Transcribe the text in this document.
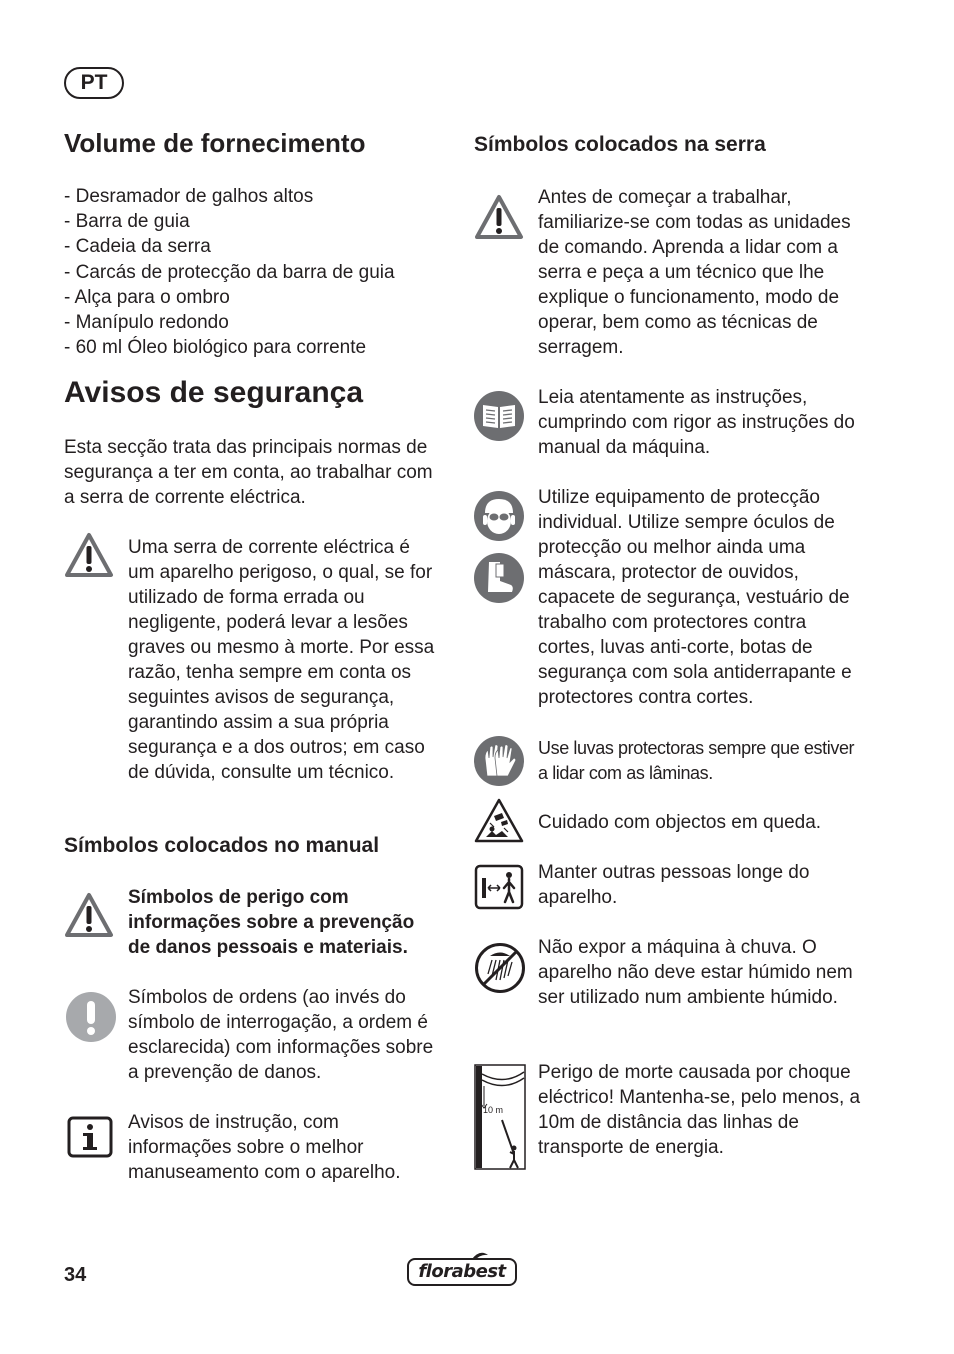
PT
Volume de fornecimento
- Desramador de galhos altos
- Barra de guia
- Cadeia da serra
- Carcás de protecção da barra de guia
- Alça para o ombro
- Manípulo redondo
- 60 ml Óleo biológico para corrente
Avisos de segurança

Esta secção trata das principais normas de segurança a ter em conta, ao trabalhar com a serra de corrente eléctrica.

Uma serra de corrente eléctrica é um aparelho perigoso, o qual, se for utilizado de forma errada ou negligente, poderá levar a lesões graves ou mesmo à morte. Por essa razão, tenha sempre em conta os seguintes avisos de segurança, garantindo assim a sua própria segurança e a dos outros; em caso de dúvida, consulte um técnico.

Símbolos colocados no manual

Símbolos de perigo com informações sobre a prevenção de danos pessoais e materiais.

Símbolos de ordens (ao invés do símbolo de interrogação, a ordem é esclarecida) com informações sobre a prevenção de danos.

Avisos de instrução, com informações sobre o melhor manuseamento com o aparelho.

Símbolos colocados na serra

Antes de começar a trabalhar, familiarize-se com todas as unidades de comando. Aprenda a lidar com a serra e peça a um técnico que lhe explique o funcionamento, modo de operar, bem como as técnicas de serragem.

Leia atentamente as instruções, cumprindo com rigor as instruções do manual da máquina.

Utilize equipamento de protecção individual. Utilize sempre óculos de protecção ou melhor ainda uma máscara, protector de ouvidos, capacete de segurança, vestuário de trabalho com protectores contra cortes, luvas anti-corte, botas de segurança com sola antiderrapante e protectores contra cortes.

Use luvas protectoras sempre que estiver a lidar com as lâminas.

Cuidado com objectos em queda.

Manter outras pessoas longe do aparelho.

Não expor a máquina à chuva. O aparelho não deve estar húmido nem ser utilizado num ambiente húmido.

10 m

Perigo de morte causada por choque eléctrico! Mantenha-se, pelo menos, a 10m de distância das linhas de transporte de energia.

34	florabest
